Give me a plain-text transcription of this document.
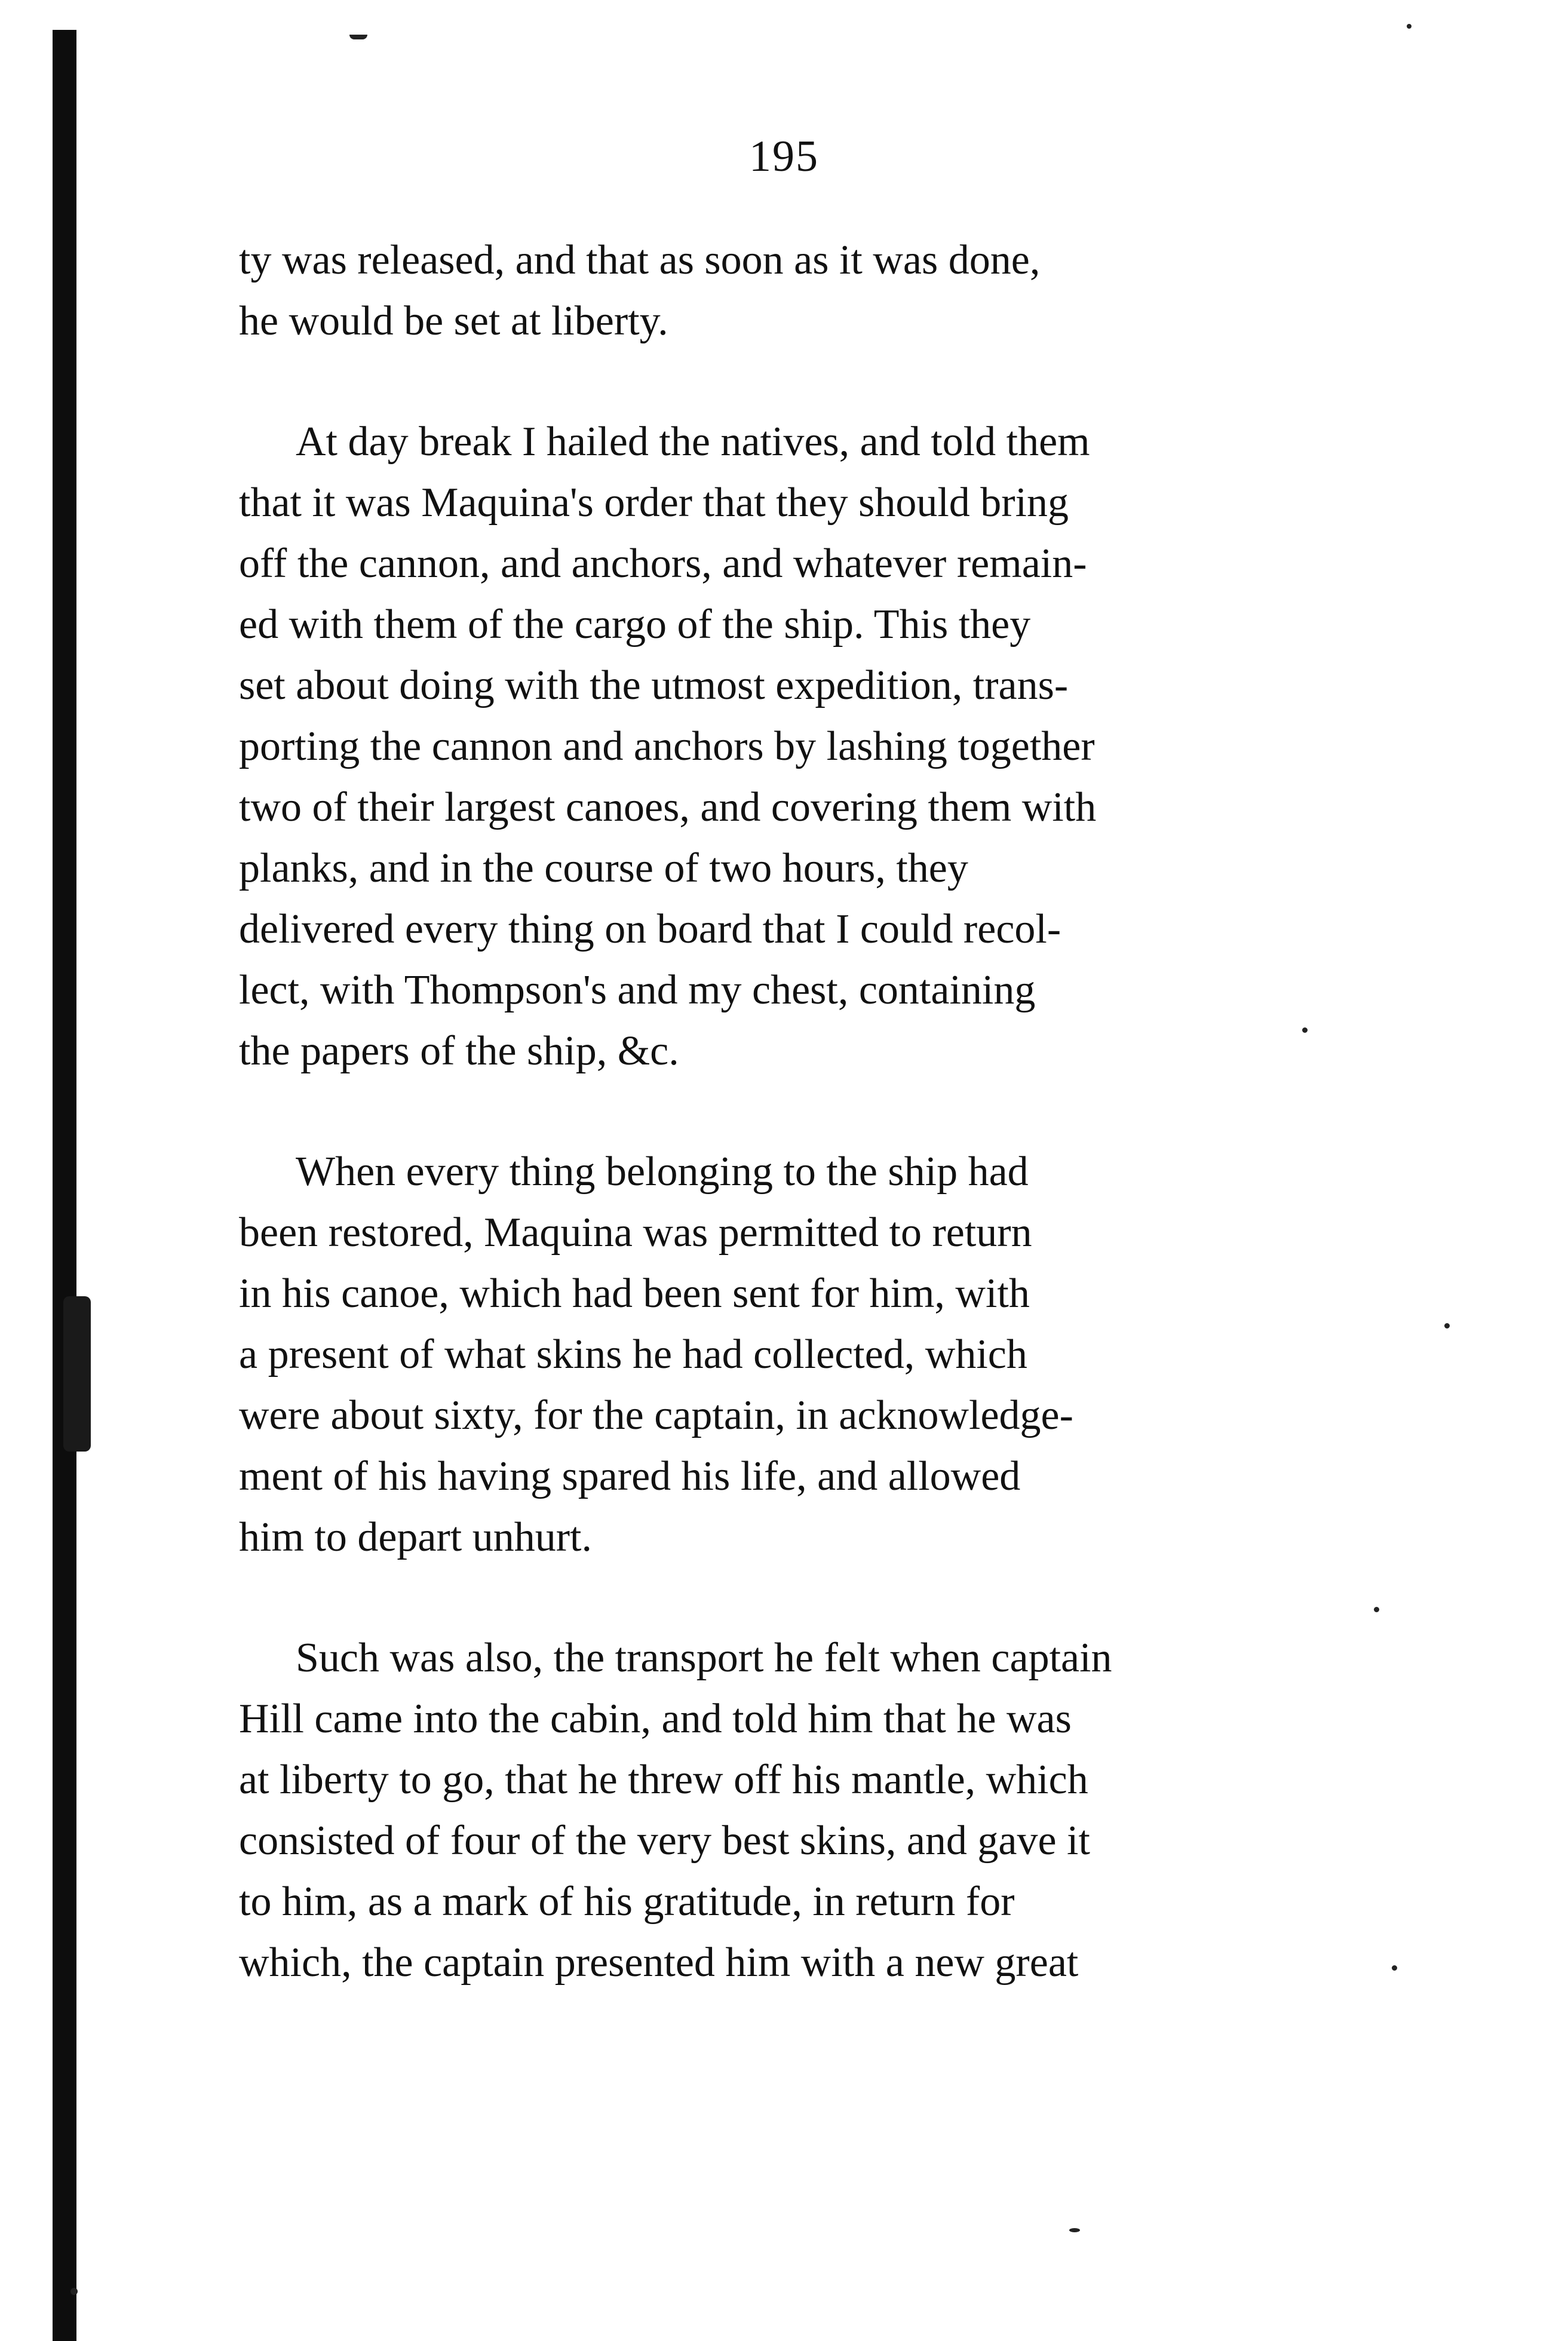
195

ty was released, and that as soon as it was done,
he would be set at liberty.

At day break I hailed the natives, and told them
that it was Maquina's order that they should bring
off the cannon, and anchors, and whatever remain-
ed with them of the cargo of the ship. This they
set about doing with the utmost expedition, trans-
porting the cannon and anchors by lashing together
two of their largest canoes, and covering them with
planks, and in the course of two hours, they
delivered every thing on board that I could recol-
lect, with Thompson's and my chest, containing
the papers of the ship, &c.

When every thing belonging to the ship had
been restored, Maquina was permitted to return
in his canoe, which had been sent for him, with
a present of what skins he had collected, which
were about sixty, for the captain, in acknowledge-
ment of his having spared his life, and allowed
him to depart unhurt.

Such was also, the transport he felt when captain
Hill came into the cabin, and told him that he was
at liberty to go, that he threw off his mantle, which
consisted of four of the very best skins, and gave it
to him, as a mark of his gratitude, in return for
which, the captain presented him with a new great
